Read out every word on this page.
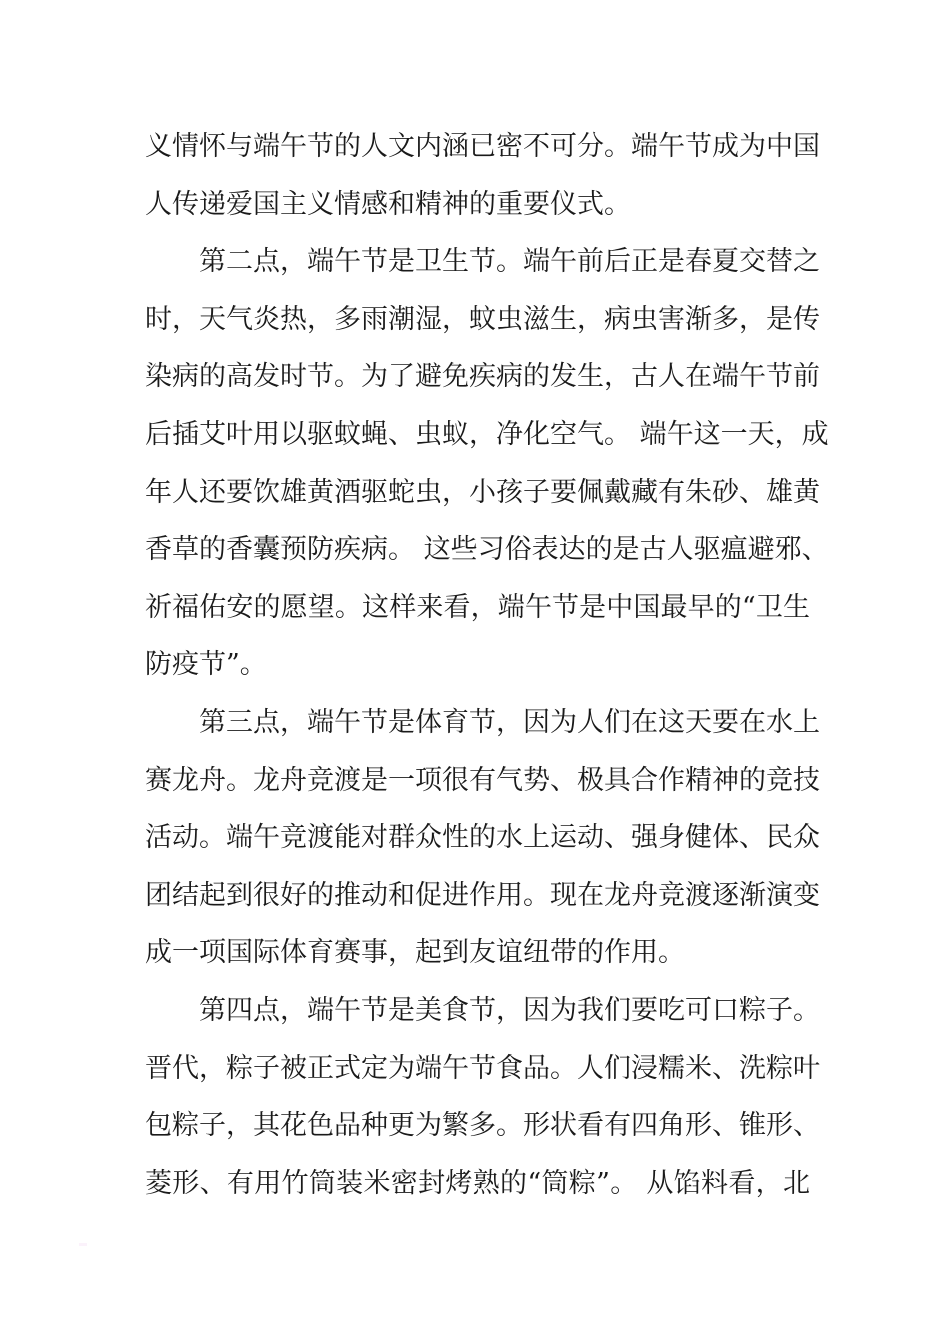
义情怀与端午节的人文内涵已密不可分。端午节成为中国
人传递爱国主义情感和精神的重要仪式。
第二点，端午节是卫生节。端午前后正是春夏交替之
时，天气炎热，多雨潮湿，蚊虫滋生，病虫害渐多，是传
染病的高发时节。为了避免疾病的发生，古人在端午节前
后插艾叶用以驱蚊蝇、虫蚁，净化空气。 端午这一天，成
年人还要饮雄黄酒驱蛇虫，小孩子要佩戴藏有朱砂、雄黄
香草的香囊预防疾病。 这些习俗表达的是古人驱瘟避邪、
祈福佑安的愿望。这样来看，端午节是中国最早的“卫生
防疫节”。
第三点，端午节是体育节，因为人们在这天要在水上
赛龙舟。龙舟竞渡是一项很有气势、极具合作精神的竞技
活动。端午竞渡能对群众性的水上运动、强身健体、民众
团结起到很好的推动和促进作用。现在龙舟竞渡逐渐演变
成一项国际体育赛事，起到友谊纽带的作用。
第四点，端午节是美食节，因为我们要吃可口粽子。
晋代，粽子被正式定为端午节食品。人们浸糯米、洗粽叶
包粽子，其花色品种更为繁多。形状看有四角形、锥形、
菱形、有用竹筒装米密封烤熟的“筒粽”。 从馅料看，北
